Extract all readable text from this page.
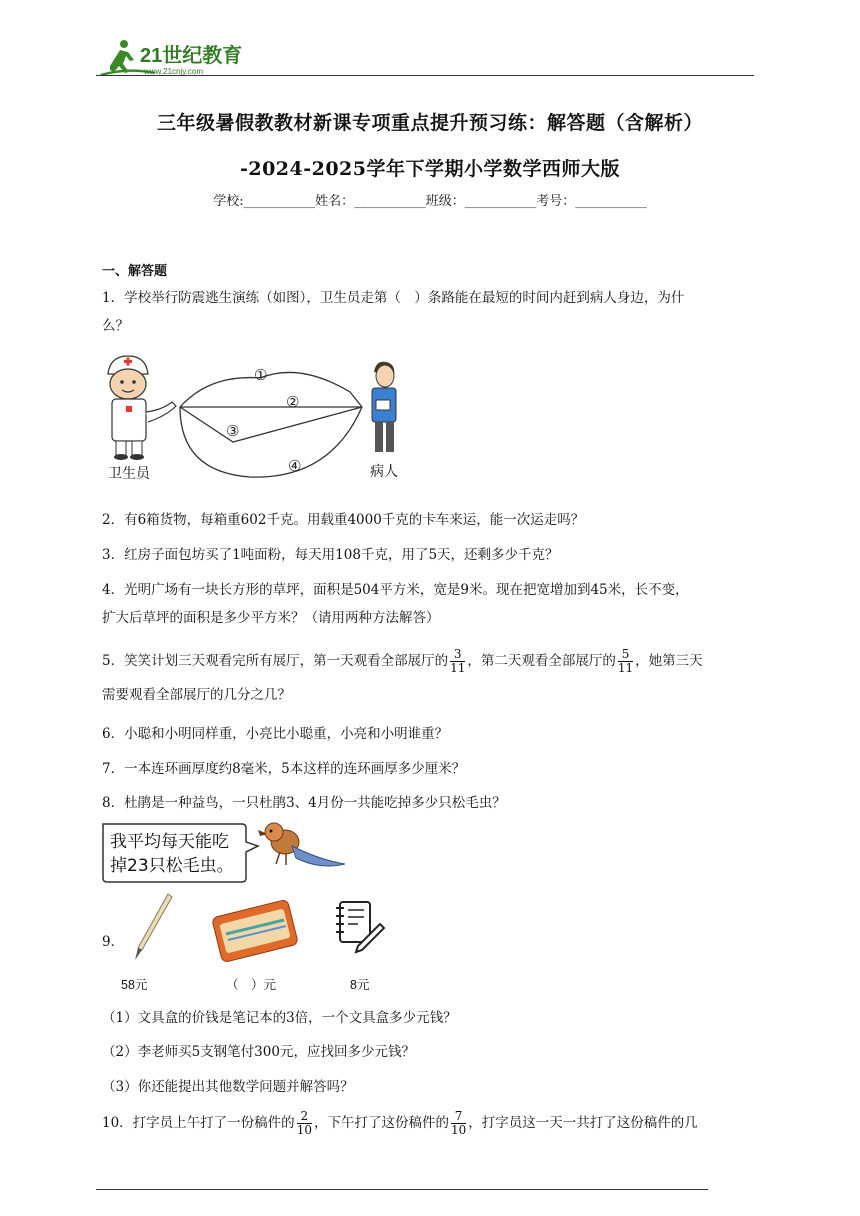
21世纪教育
www.21cnjy.com
三年级暑假教教材新课专项重点提升预习练：解答题（含解析）
-2024-2025学年下学期小学数学西师大版
学校:___________姓名：___________班级：___________考号：___________
一、解答题
1．学校举行防震逃生演练（如图），卫生员走第（　）条路能在最短的时间内赶到病人身边，为什
么？
①
②
③
④
卫生员	病人
2．有6箱货物，每箱重602千克。用载重4000千克的卡车来运，能一次运走吗？
3．红房子面包坊买了1吨面粉，每天用108千克，用了5天，还剩多少千克？
4．光明广场有一块长方形的草坪，面积是504平方米，宽是9米。现在把宽增加到45米，长不变，
扩大后草坪的面积是多少平方米？（请用两种方法解答）
5．笑笑计划三天观看完所有展厅，第一天观看全部展厅的 $\frac{3}{11}$ ，第二天观看全部展厅的 $\frac{5}{11}$ ，她第三天
需要观看全部展厅的几分之几？
6．小聪和小明同样重，小亮比小聪重，小亮和小明谁重？
7．一本连环画厚度约8毫米，5本这样的连环画厚多少厘米？
8．杜鹃是一种益鸟，一只杜鹃3、4月份一共能吃掉多少只松毛虫？
我平均每天能吃
掉23只松毛虫。
9．
58元	（　）元	8元
（1）文具盒的价钱是笔记本的3倍，一个文具盒多少元钱？
（2）李老师买5支钢笔付300元，应找回多少元钱？
（3）你还能提出其他数学问题并解答吗？
10．打字员上午打了一份稿件的 $\frac{2}{10}$ ，下午打了这份稿件的 $\frac{7}{10}$ ，打字员这一天一共打了这份稿件的几
